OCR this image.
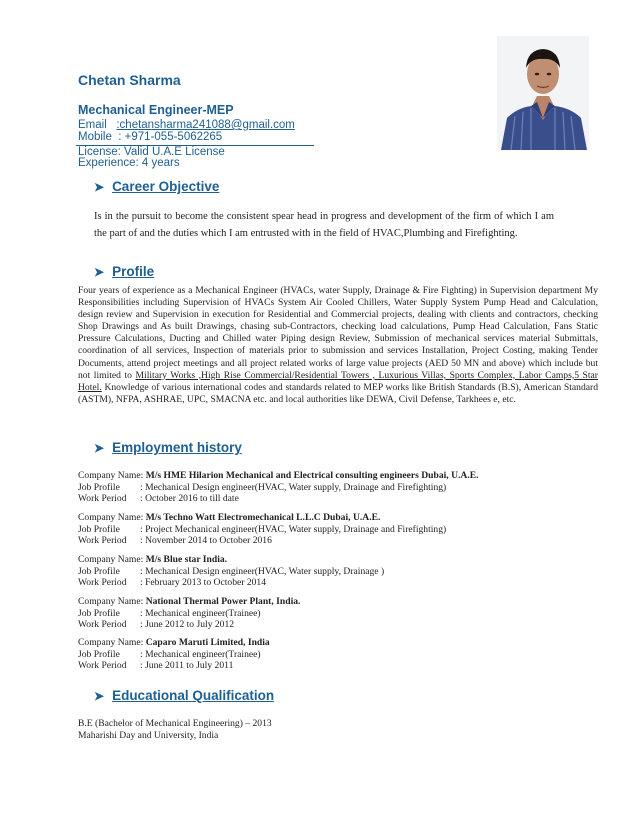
Chetan Sharma
Mechanical Engineer-MEP
Email :chetansharma241088@gmail.com
Mobile : +971-055-5062265
License: Valid U.A.E License
Experience: 4 years
➤ Career Objective
Is in the pursuit to become the consistent spear head in progress and development of the firm of which I am the part of and the duties which I am entrusted with in the field of HVAC,Plumbing and Firefighting.
➤ Profile
Four years of experience as a Mechanical Engineer (HVACs, water Supply, Drainage & Fire Fighting) in Supervision department My Responsibilities including Supervision of HVACs System Air Cooled Chillers, Water Supply System Pump Head and Calculation, design review and Supervision in execution for Residential and Commercial projects, dealing with clients and contractors, checking Shop Drawings and As built Drawings, chasing sub-Contractors, checking load calculations, Pump Head Calculation, Fans Static Pressure Calculations, Ducting and Chilled water Piping design Review, Submission of mechanical services material Submittals, coordination of all services, Inspection of materials prior to submission and services Installation, Project Costing, making Tender Documents, attend project meetings and all project related works of large value projects (AED 50 MN and above) which include but not limited to Military Works ,High Rise Commercial/Residential Towers , Luxurious Villas, Sports Complex, Labor Camps,5 Star Hotel. Knowledge of various international codes and standards related to MEP works like British Standards (B.S), American Standard (ASTM), NFPA, ASHRAE, UPC, SMACNA etc. and local authorities like DEWA, Civil Defense, Tarkhees e, etc.
➤ Employment history
Company Name: M/s HME Hilarion Mechanical and Electrical consulting engineers Dubai, U.A.E.
Job Profile : Mechanical Design engineer(HVAC, Water supply, Drainage and Firefighting)
Work Period : October 2016 to till date
Company Name: M/s Techno Watt Electromechanical L.L.C Dubai, U.A.E.
Job Profile : Project Mechanical engineer(HVAC, Water supply, Drainage and Firefighting)
Work Period : November 2014 to October 2016
Company Name: M/s Blue star India.
Job Profile : Mechanical Design engineer(HVAC, Water supply, Drainage )
Work Period : February 2013 to October 2014
Company Name: National Thermal Power Plant, India.
Job Profile : Mechanical engineer(Trainee)
Work Period : June 2012 to July 2012
Company Name: Caparo Maruti Limited, India
Job Profile : Mechanical engineer(Trainee)
Work Period : June 2011 to July 2011
➤ Educational Qualification
B.E (Bachelor of Mechanical Engineering) – 2013
Maharishi Day and University, India
